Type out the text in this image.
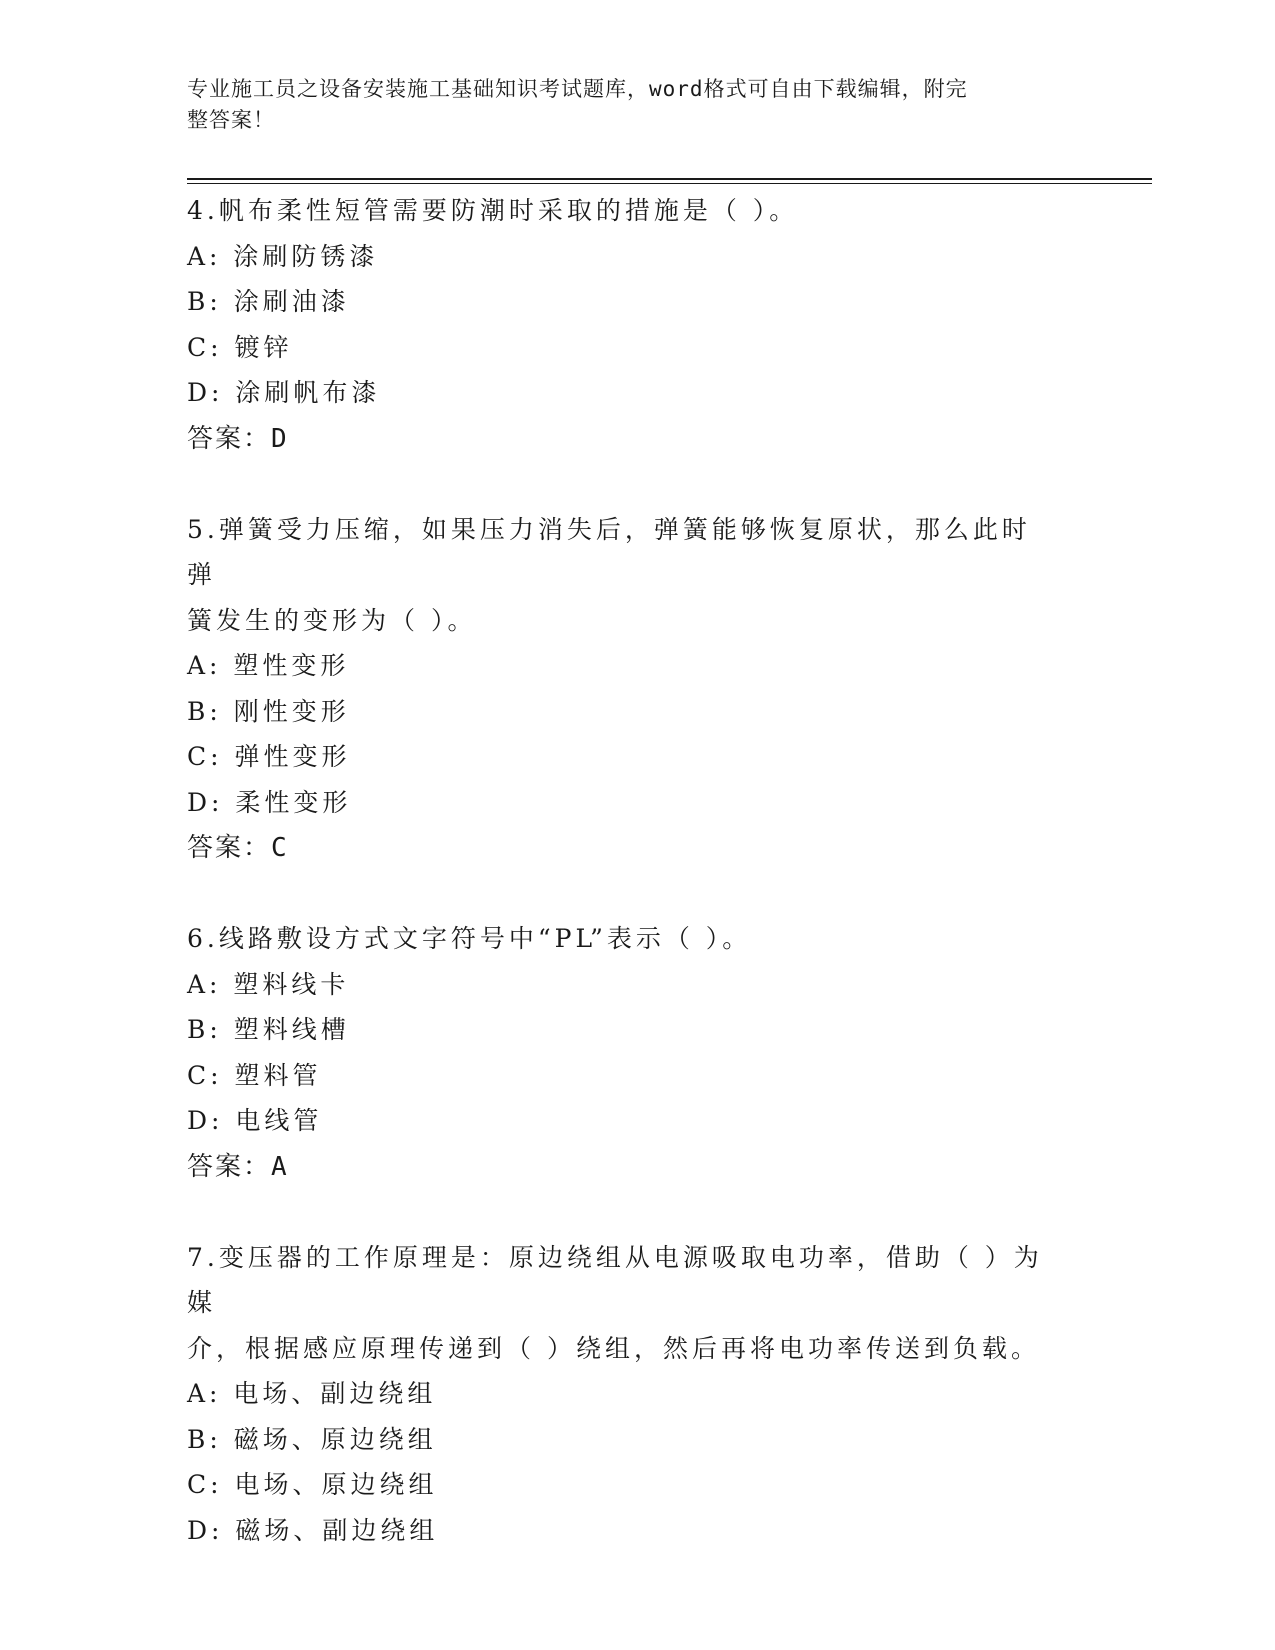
专业施工员之设备安装施工基础知识考试题库，word格式可自由下载编辑，附完
整答案！
4.帆布柔性短管需要防潮时采取的措施是（ ）。
A: 涂刷防锈漆
B: 涂刷油漆
C: 镀锌
D: 涂刷帆布漆
答案：D
5.弹簧受力压缩，如果压力消失后，弹簧能够恢复原状，那么此时弹
簧发生的变形为（ ）。
A: 塑性变形
B: 刚性变形
C: 弹性变形
D: 柔性变形
答案：C
6.线路敷设方式文字符号中“PL”表示（ ）。
A: 塑料线卡
B: 塑料线槽
C: 塑料管
D: 电线管
答案：A
7.变压器的工作原理是：原边绕组从电源吸取电功率，借助（ ）为媒
介，根据感应原理传递到（ ）绕组，然后再将电功率传送到负载。
A: 电场、副边绕组
B: 磁场、原边绕组
C: 电场、原边绕组
D: 磁场、副边绕组
